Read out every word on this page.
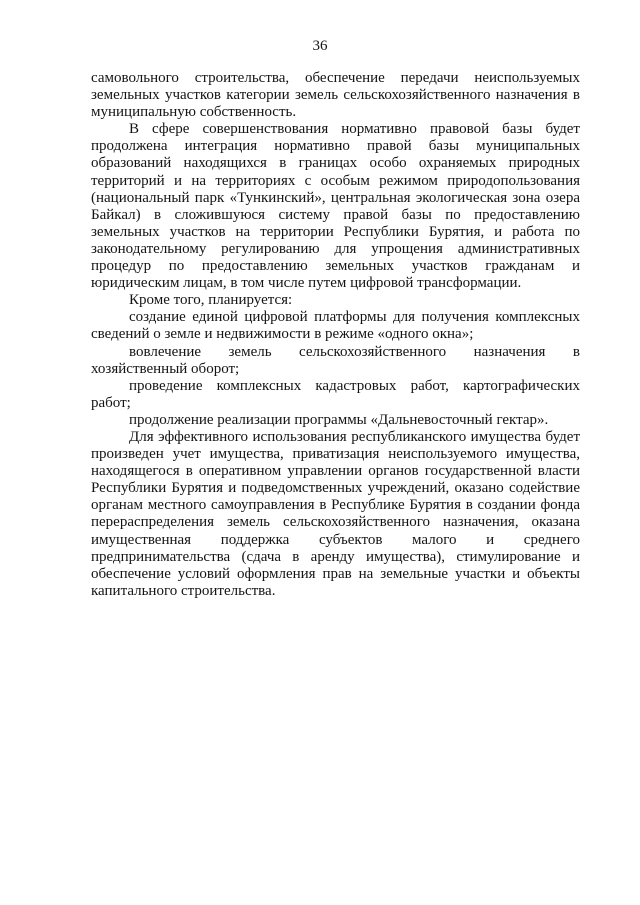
36

самовольного строительства, обеспечение передачи неиспользуемых земельных участков категории земель сельскохозяйственного назначения в муниципальную собственность.

В сфере совершенствования нормативно правовой базы будет продолжена интеграция нормативно правой базы муниципальных образований находящихся в границах особо охраняемых природных территорий и на территориях с особым режимом природопользования (национальный парк «Тункинский», центральная экологическая зона озера Байкал) в сложившуюся систему правой базы по предоставлению земельных участков на территории Республики Бурятия, и работа по законодательному регулированию для упрощения административных процедур по предоставлению земельных участков гражданам и юридическим лицам, в том числе путем цифровой трансформации.

Кроме того, планируется:

создание единой цифровой платформы для получения комплексных сведений о земле и недвижимости в режиме «одного окна»;

вовлечение земель сельскохозяйственного назначения в хозяйственный оборот;

проведение комплексных кадастровых работ, картографических работ;

продолжение реализации программы «Дальневосточный гектар».

Для эффективного использования республиканского имущества будет произведен учет имущества, приватизация неиспользуемого имущества, находящегося в оперативном управлении органов государственной власти Республики Бурятия и подведомственных учреждений, оказано содействие органам местного самоуправления в Республике Бурятия в создании фонда перераспределения земель сельскохозяйственного назначения, оказана имущественная поддержка субъектов малого и среднего предпринимательства (сдача в аренду имущества), стимулирование и обеспечение условий оформления прав на земельные участки и объекты капитального строительства.
